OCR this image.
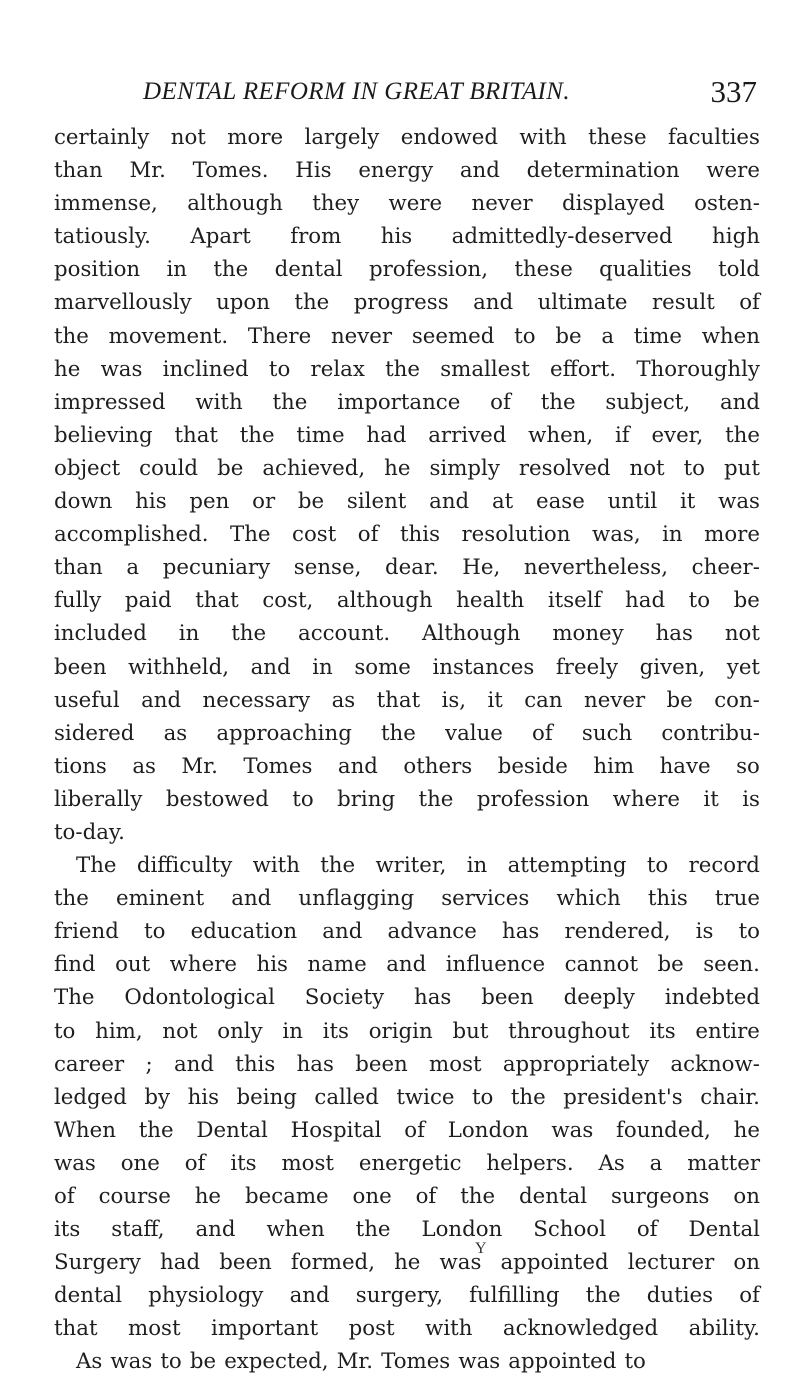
DENTAL REFORM IN GREAT BRITAIN.	337
certainly not more largely endowed with these faculties
than Mr. Tomes. His energy and determination were
immense, although they were never displayed osten-
tatiously. Apart from his admittedly-deserved high
position in the dental profession, these qualities told
marvellously upon the progress and ultimate result of
the movement. There never seemed to be a time when
he was inclined to relax the smallest effort. Thoroughly
impressed with the importance of the subject, and
believing that the time had arrived when, if ever, the
object could be achieved, he simply resolved not to put
down his pen or be silent and at ease until it was
accomplished. The cost of this resolution was, in more
than a pecuniary sense, dear. He, nevertheless, cheer-
fully paid that cost, although health itself had to be
included in the account. Although money has not
been withheld, and in some instances freely given, yet
useful and necessary as that is, it can never be con-
sidered as approaching the value of such contribu-
tions as Mr. Tomes and others beside him have so
liberally bestowed to bring the profession where it is
to-day.
The difficulty with the writer, in attempting to record
the eminent and unflagging services which this true
friend to education and advance has rendered, is to
find out where his name and influence cannot be seen.
The Odontological Society has been deeply indebted
to him, not only in its origin but throughout its entire
career ; and this has been most appropriately acknow-
ledged by his being called twice to the president's chair.
When the Dental Hospital of London was founded, he
was one of its most energetic helpers. As a matter
of course he became one of the dental surgeons on
its staff, and when the London School of Dental
Surgery had been formed, he was appointed lecturer on
dental physiology and surgery, fulfilling the duties of
that most important post with acknowledged ability.
As was to be expected, Mr. Tomes was appointed to
Y
